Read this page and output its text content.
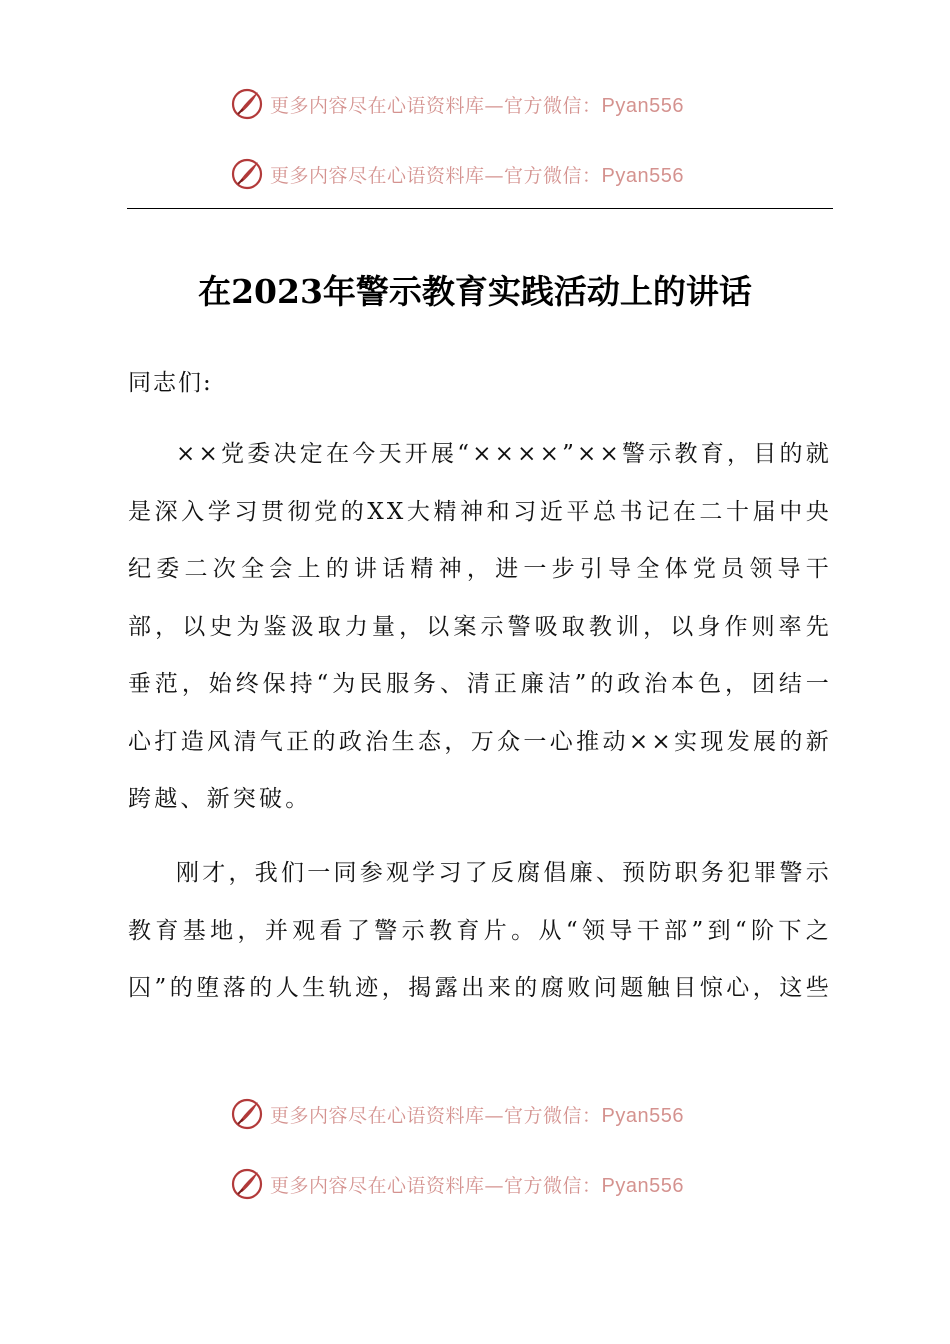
更多内容尽在心语资料库—官方微信：Pyan556
更多内容尽在心语资料库—官方微信：Pyan556
在2023年警示教育实践活动上的讲话

同志们:

××党委决定在今天开展“××××”××警示教育，目的就是深入学习贯彻党的XX大精神和习近平总书记在二十届中央纪委二次全会上的讲话精神，进一步引导全体党员领导干部，以史为鉴汲取力量，以案示警吸取教训，以身作则率先垂范，始终保持“为民服务、清正廉洁”的政治本色，团结一心打造风清气正的政治生态，万众一心推动××实现发展的新跨越、新突破。

刚才，我们一同参观学习了反腐倡廉、预防职务犯罪警示教育基地，并观看了警示教育片。从“领导干部”到“阶下之囚”的堕落的人生轨迹，揭露出来的腐败问题触目惊心，这些

更多内容尽在心语资料库—官方微信：Pyan556
更多内容尽在心语资料库—官方微信：Pyan556
